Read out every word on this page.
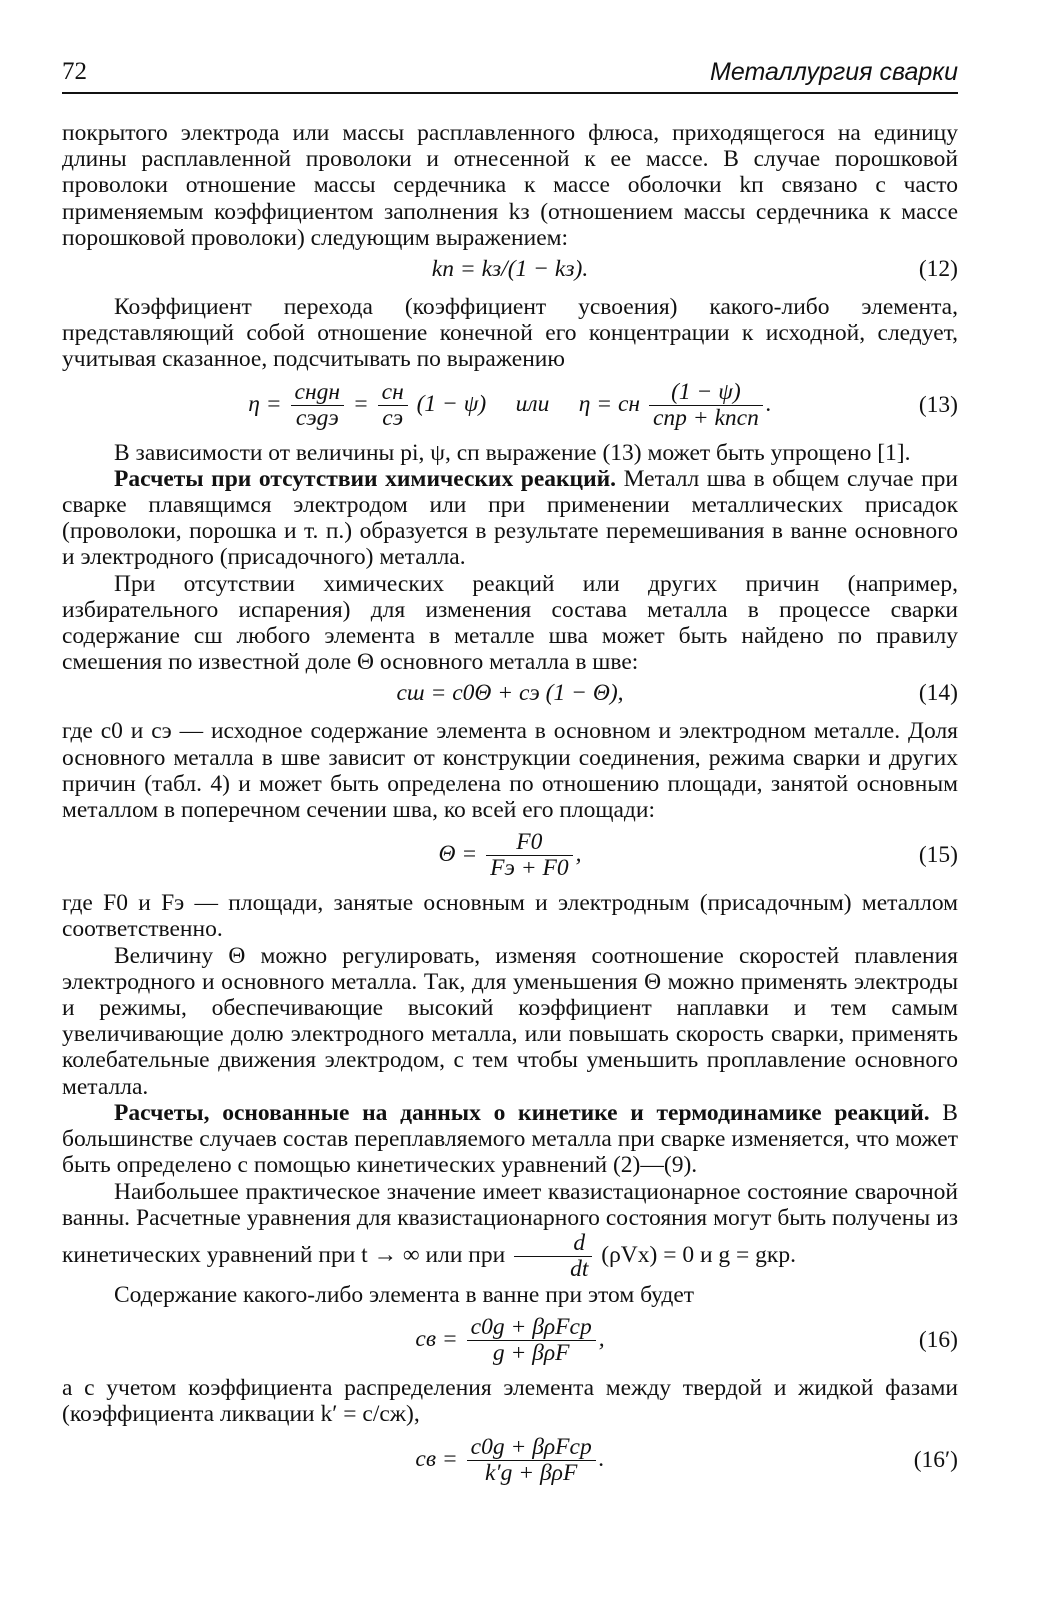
72	Металлургия сварки

покрытого электрода или массы расплавленного флюса, приходящегося на единицу длины расплавленной проволоки и отнесенной к ее массе. В случае порошковой проволоки отношение массы сердечника к массе оболочки kп связано с часто применяемым коэффициентом заполнения kз (отношением массы сердечника к массе порошковой проволоки) следующим выражением:

kп = kз/(1 − kз).	(12)

Коэффициент перехода (коэффициент усвоения) какого-либо элемента, представляющий собой отношение конечной его концентрации к исходной, следует, учитывая сказанное, подсчитывать по выражению

$\eta = \frac{\text{cнgн}}{\text{cэgэ}} = \frac{cн}{cэ} (1 - \psi)$     или     η = cн $\frac{(1 - \psi)}{\text{cпр + kпcп}}$ .	(13)

В зависимости от величины pi, ψ, cп выражение (13) может быть упрощено [1].

Расчеты при отсутствии химических реакций. Металл шва в общем случае при сварке плавящимся электродом или при применении металлических присадок (проволоки, порошка и т. п.) образуется в результате перемешивания в ванне основного и электродного (присадочного) металла.

При отсутствии химических реакций или других причин (например, избирательного испарения) для изменения состава металла в процессе сварки содержание cш любого элемента в металле шва может быть найдено по правилу смешения по известной доле Θ основного металла в шве:

cш = c0Θ + cэ (1 − Θ),	(14)

где c0 и cэ — исходное содержание элемента в основном и электродном металле. Доля основного металла в шве зависит от конструкции соединения, режима сварки и других причин (табл. 4) и может быть определена по отношению площади, занятой основным металлом в поперечном сечении шва, ко всей его площади:

$\Theta = \frac{F0}{Fэ + F0}$ ,	(15)

где F0 и Fэ — площади, занятые основным и электродным (присадочным) металлом соответственно.

Величину Θ можно регулировать, изменяя соотношение скоростей плавления электродного и основного металла. Так, для уменьшения Θ можно применять электроды и режимы, обеспечивающие высокий коэффициент наплавки и тем самым увеличивающие долю электродного металла, или повышать скорость сварки, применять колебательные движения электродом, с тем чтобы уменьшить проплавление основного металла.

Расчеты, основанные на данных о кинетике и термодинамике реакций. В большинстве случаев состав переплавляемого металла при сварке изменяется, что может быть определено с помощью кинетических уравнений (2)—(9).

Наибольшее практическое значение имеет квазистационарное состояние сварочной ванны. Расчетные уравнения для квазистационарного состояния могут быть получены из кинетических уравнений при t → ∞ или при $\frac{d}{dt} (\rho Vx) = 0$ и g = gкр.

Содержание какого-либо элемента в ванне при этом будет

cв = $\frac{\text{c0g + βρFcp}}{\text{g + βρF}}$ ,	(16)

а с учетом коэффициента распределения элемента между твердой и жидкой фазами (коэффициента ликвации k′ = c/cж),

cв = $\frac{\text{c0g + βρFcp}}{\text{k′g + βρF}}$ .	(16′)
